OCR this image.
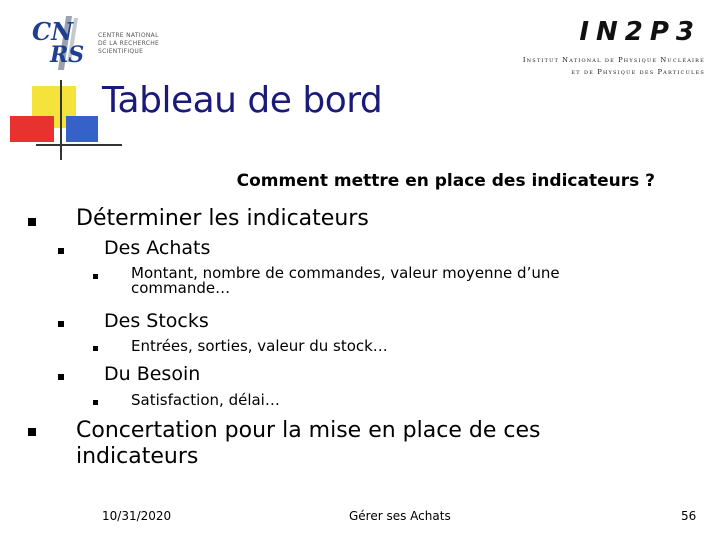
CN
RS
CENTRE NATIONAL
DE LA RECHERCHE
SCIENTIFIQUE
IN2P3
Institut National de Physique Nucléaire
et de Physique des Particules
Tableau de bord
Comment mettre en place des indicateurs ?
Déterminer les indicateurs
Des Achats
Montant, nombre de commandes, valeur moyenne d’une commande…
Des Stocks
Entrées, sorties, valeur du stock…
Du Besoin
Satisfaction, délai…
Concertation pour la mise en place de ces indicateurs
10/31/2020	Gérer ses Achats	56
